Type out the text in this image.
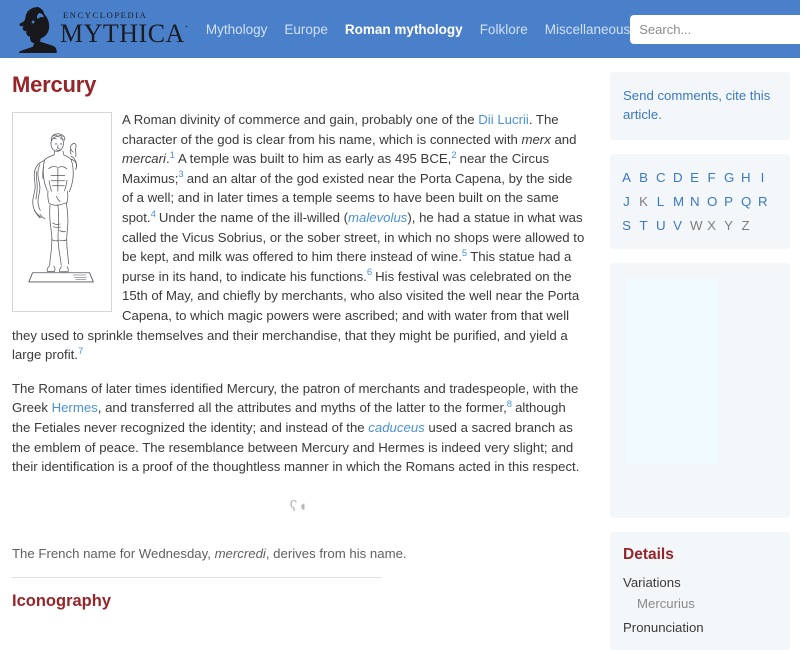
ENCYCLOPEDIA
MYTHICA˘ Mythology Europe Roman mythology Folklore Miscellaneous
Search...
Mercury

A Roman divinity of commerce and gain, probably one of the Dii Lucrii. The character of the god is clear from his name, which is connected with merx and mercari.$^1$ A temple was built to him as early as 495 BCE,$^2$ near the Circus Maximus;$^3$ and an altar of the god existed near the Porta Capena, by the side of a well; and in later times a temple seems to have been built on the same spot.$^4$ Under the name of the ill-willed (malevolus), he had a statue in what was called the Vicus Sobrius, or the sober street, in which no shops were allowed to be kept, and milk was offered to him there instead of wine.$^5$ This statue had a purse in its hand, to indicate his functions.$^6$ His festival was celebrated on the 15th of May, and chiefly by merchants, who also visited the well near the Porta Capena, to which magic powers were ascribed; and with water from that well they used to sprinkle themselves and their merchandise, that they might be purified, and yield a large profit.$^7$

The Romans of later times identified Mercury, the patron of merchants and tradespeople, with the Greek Hermes, and transferred all the attributes and myths of the latter to the former,$^8$ although the Fetiales never recognized the identity; and instead of the caduceus used a sacred branch as the emblem of peace. The resemblance between Mercury and Hermes is indeed very slight; and their identification is a proof of the thoughtless manner in which the Romans acted in this respect.

ʕ◖

The French name for Wednesday, mercredi, derives from his name.

Iconography
Send comments, cite this article.
A B C D E F G H I
J K L M N O P Q R
S T U V W X Y Z
Details
Variations
Mercurius
Pronunciation
